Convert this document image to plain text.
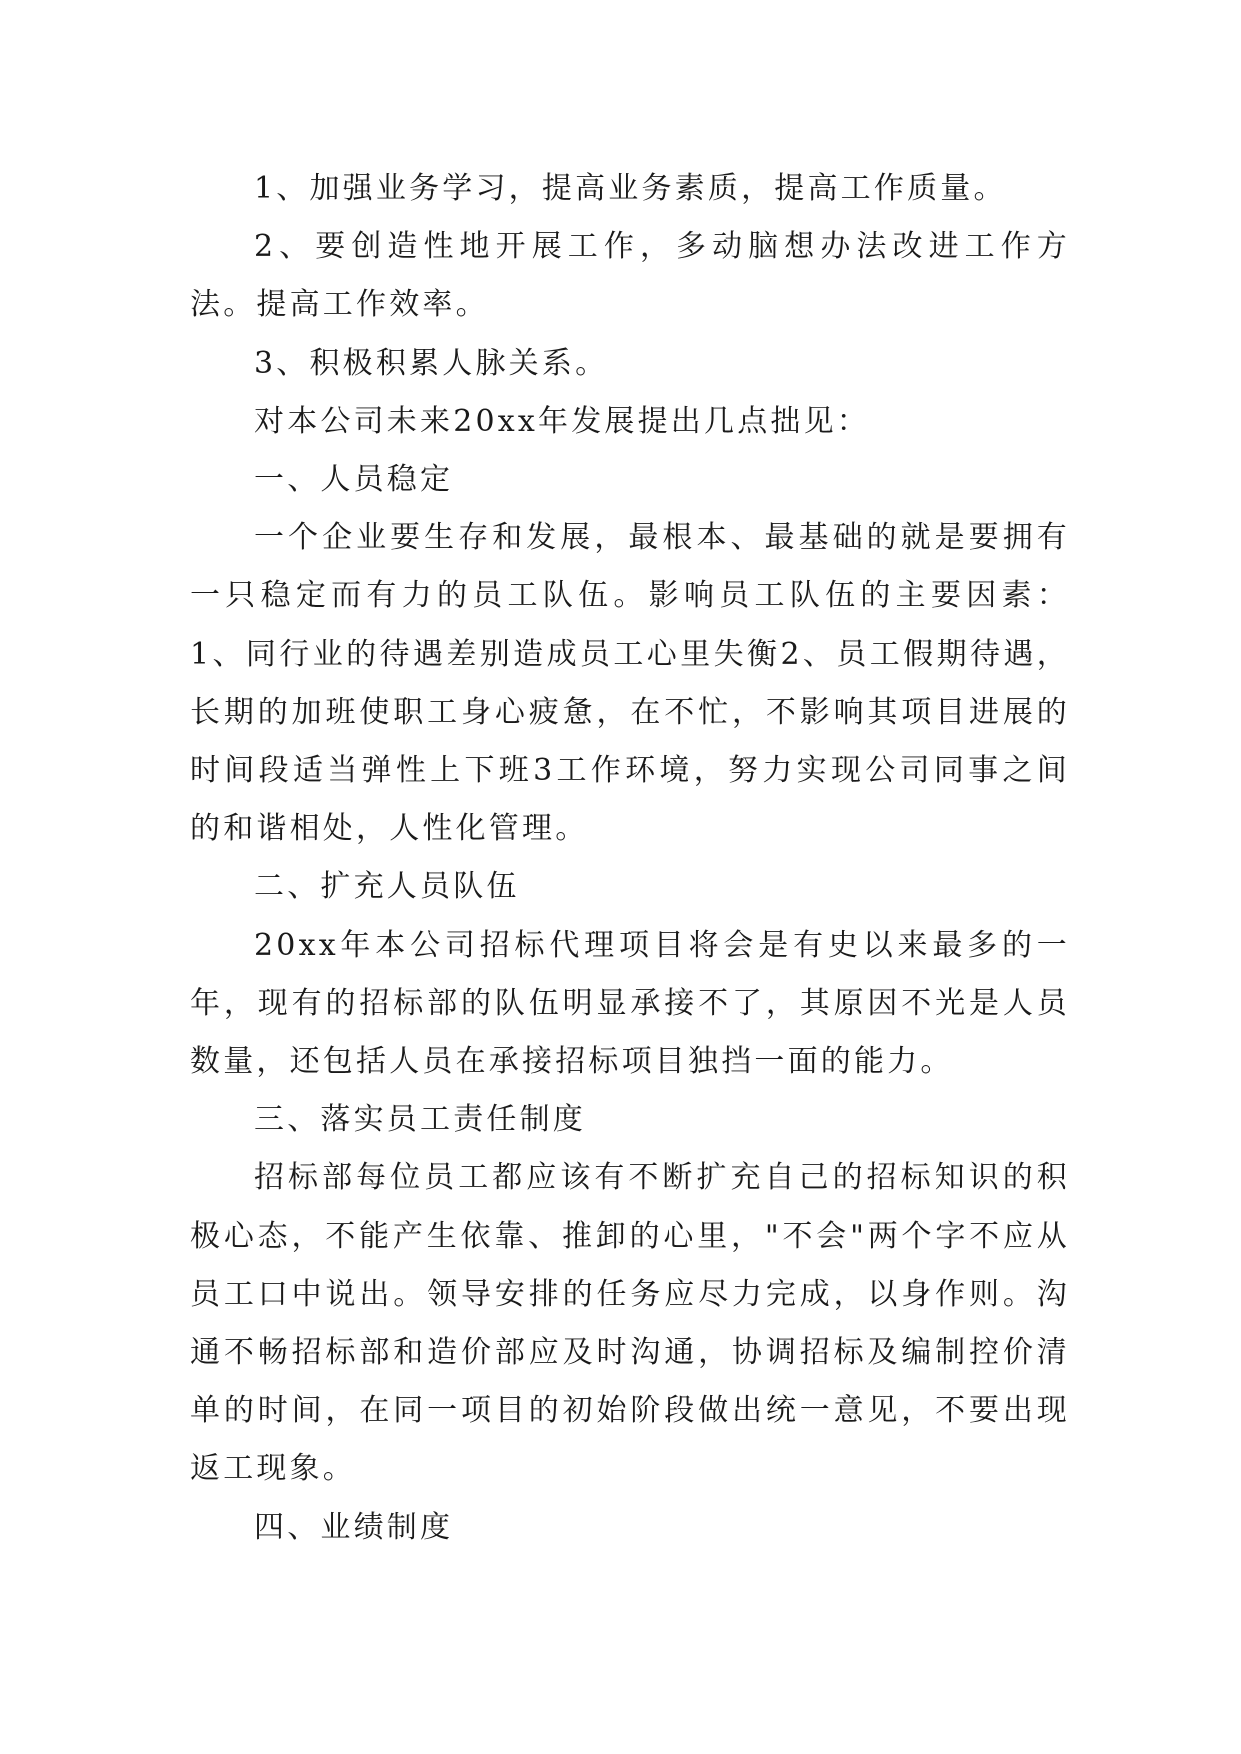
1、加强业务学习，提高业务素质，提高工作质量。

2、要创造性地开展工作，多动脑想办法改进工作方法。提高工作效率。

3、积极积累人脉关系。

对本公司未来20xx年发展提出几点拙见：

一、人员稳定

一个企业要生存和发展，最根本、最基础的就是要拥有一只稳定而有力的员工队伍。影响员工队伍的主要因素：1、同行业的待遇差别造成员工心里失衡2、员工假期待遇，长期的加班使职工身心疲惫，在不忙，不影响其项目进展的时间段适当弹性上下班3工作环境，努力实现公司同事之间的和谐相处，人性化管理。

二、扩充人员队伍

20xx年本公司招标代理项目将会是有史以来最多的一年，现有的招标部的队伍明显承接不了，其原因不光是人员数量，还包括人员在承接招标项目独挡一面的能力。

三、落实员工责任制度

招标部每位员工都应该有不断扩充自己的招标知识的积极心态，不能产生依靠、推卸的心里，"不会"两个字不应从员工口中说出。领导安排的任务应尽力完成，以身作则。沟通不畅招标部和造价部应及时沟通，协调招标及编制控价清单的时间，在同一项目的初始阶段做出统一意见，不要出现返工现象。

四、业绩制度
